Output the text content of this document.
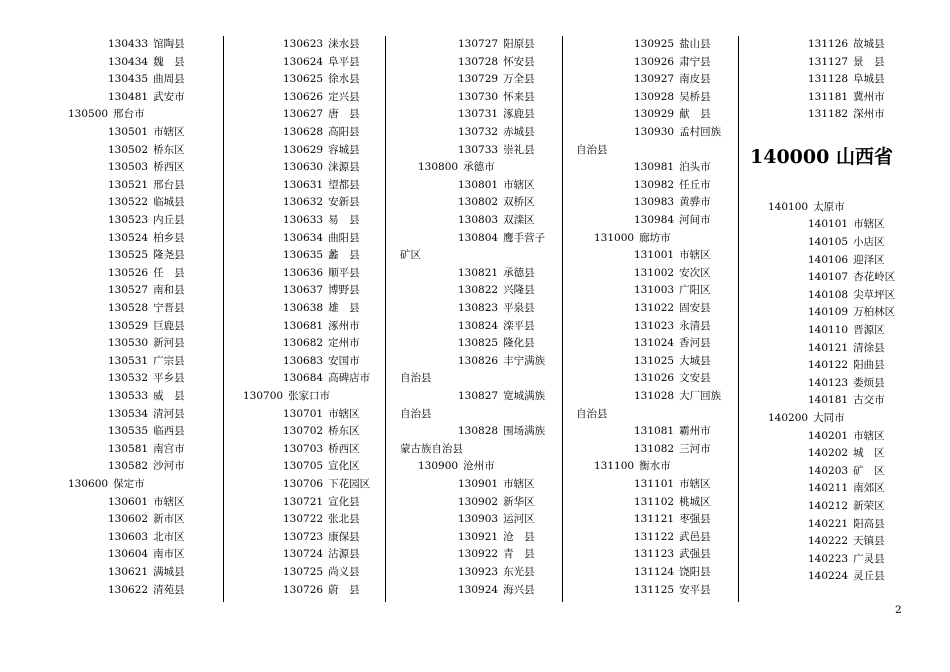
130433 馆陶县
130434 魏　县
130435 曲周县
130481 武安市
130500 邢台市
130501 市辖区
130502 桥东区
130503 桥西区
130521 邢台县
130522 临城县
130523 内丘县
130524 柏乡县
130525 隆尧县
130526 任　县
130527 南和县
130528 宁晋县
130529 巨鹿县
130530 新河县
130531 广宗县
130532 平乡县
130533 威　县
130534 清河县
130535 临西县
130581 南宫市
130582 沙河市
130600 保定市
130601 市辖区
130602 新市区
130603 北市区
130604 南市区
130621 满城县
130622 清苑县
130623 涞水县
130624 阜平县
130625 徐水县
130626 定兴县
130627 唐　县
130628 高阳县
130629 容城县
130630 涞源县
130631 望都县
130632 安新县
130633 易　县
130634 曲阳县
130635 蠡　县
130636 顺平县
130637 博野县
130638 雄　县
130681 涿州市
130682 定州市
130683 安国市
130684 高碑店市
130700 张家口市
130701 市辖区
130702 桥东区
130703 桥西区
130705 宣化区
130706 下花园区
130721 宣化县
130722 张北县
130723 康保县
130724 沽源县
130725 尚义县
130726 蔚　县
130727 阳原县
130728 怀安县
130729 万全县
130730 怀来县
130731 涿鹿县
130732 赤城县
130733 崇礼县
130800 承德市
130801 市辖区
130802 双桥区
130803 双滦区
130804 鹰手营子
矿区
130821 承德县
130822 兴隆县
130823 平泉县
130824 滦平县
130825 隆化县
130826 丰宁满族
自治县
130827 宽城满族
自治县
130828 围场满族
蒙古族自治县
130900 沧州市
130901 市辖区
130902 新华区
130903 运河区
130921 沧　县
130922 青　县
130923 东光县
130924 海兴县
130925 盐山县
130926 肃宁县
130927 南皮县
130928 吴桥县
130929 献　县
130930 孟村回族
自治县
130981 泊头市
130982 任丘市
130983 黄骅市
130984 河间市
131000 廊坊市
131001 市辖区
131002 安次区
131003 广阳区
131022 固安县
131023 永清县
131024 香河县
131025 大城县
131026 文安县
131028 大厂回族
自治县
131081 霸州市
131082 三河市
131100 衡水市
131101 市辖区
131102 桃城区
131121 枣强县
131122 武邑县
131123 武强县
131124 饶阳县
131125 安平县
131126 故城县
131127 景　县
131128 阜城县
131181 冀州市
131182 深州市
140000 山西省
140100 太原市
140101 市辖区
140105 小店区
140106 迎泽区
140107 杏花岭区
140108 尖草坪区
140109 万柏林区
140110 晋源区
140121 清徐县
140122 阳曲县
140123 娄烦县
140181 古交市
140200 大同市
140201 市辖区
140202 城　区
140203 矿　区
140211 南郊区
140212 新荣区
140221 阳高县
140222 天镇县
140223 广灵县
140224 灵丘县
2
